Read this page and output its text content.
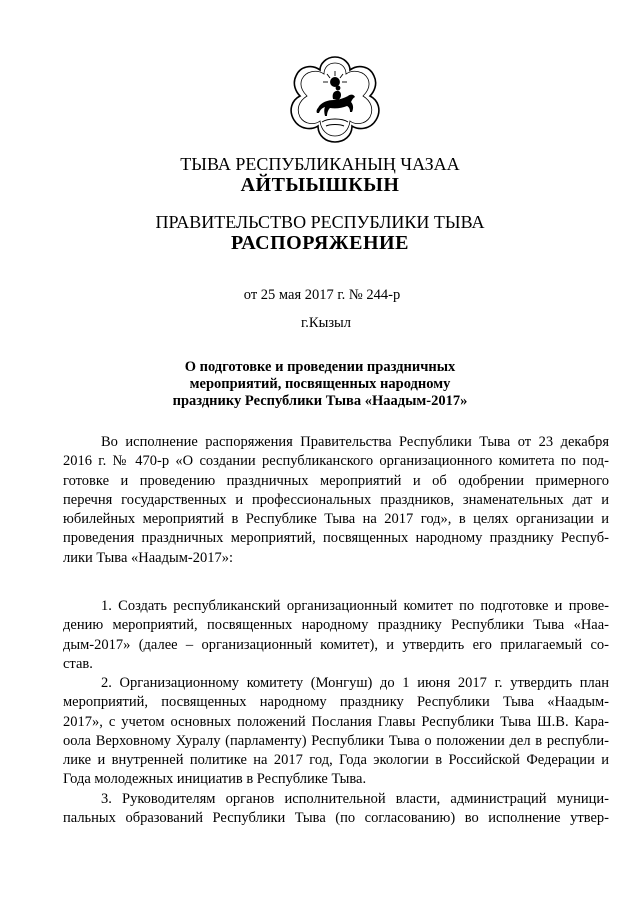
ТЫВА РЕСПУБЛИКАНЫҢ ЧАЗАА
АЙТЫЫШКЫН
ПРАВИТЕЛЬСТВО РЕСПУБЛИКИ ТЫВА
РАСПОРЯЖЕНИЕ
от 25 мая 2017 г. № 244-р
г.Кызыл
О подготовке и проведении праздничных
мероприятий, посвященных народному
празднику Республики Тыва «Наадым-2017»
Во исполнение распоряжения Правительства Республики Тыва от 23 декабря
2016 г. № 470-р «О создании республиканского организационного комитета по под-
готовке и проведению праздничных мероприятий и об одобрении примерного
перечня государственных и профессиональных праздников, знаменательных дат и
юбилейных мероприятий в Республике Тыва на 2017 год», в целях организации и
проведения праздничных мероприятий, посвященных народному празднику Респуб-
лики Тыва «Наадым-2017»:
1. Создать республиканский организационный комитет по подготовке и прове-
дению мероприятий, посвященных народному празднику Республики Тыва «Наа-
дым-2017» (далее – организационный комитет), и утвердить его прилагаемый со-
став.
2. Организационному комитету (Монгуш) до 1 июня 2017 г. утвердить план
мероприятий, посвященных народному празднику Республики Тыва «Наадым-
2017», с учетом основных положений Послания Главы Республики Тыва Ш.В. Кара-
оола Верховному Хуралу (парламенту) Республики Тыва о положении дел в республи-
лике и внутренней политике на 2017 год, Года экологии в Российской Федерации и
Года молодежных инициатив в Республике Тыва.
3. Руководителям органов исполнительной власти, администраций муници-
пальных образований Республики Тыва (по согласованию) во исполнение утвер-
